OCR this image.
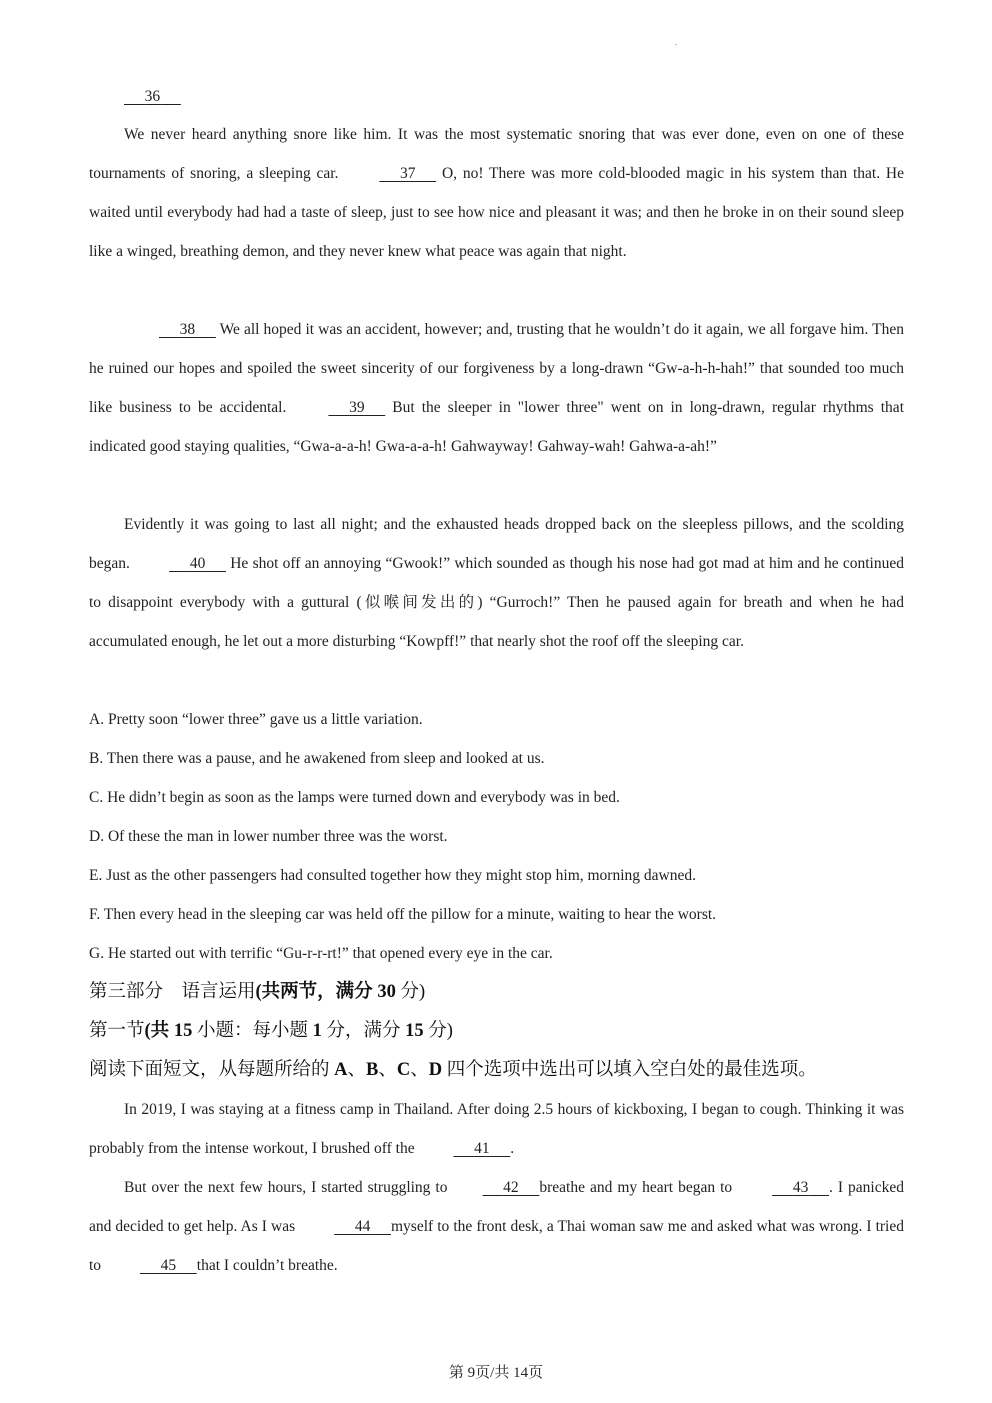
  36  

We never heard anything snore like him. It was the most systematic snoring that was ever done, even on one of these tournaments of snoring, a sleeping car.   	37   O, no! There was more cold-blooded magic in his system than that. He waited until everybody had had a taste of sleep, just to see how nice and pleasant it was; and then he broke in on their sound sleep like a winged, breathing demon, and they never knew what peace was again that night.

  38   We all hoped it was an accident, however; and, trusting that he wouldn’t do it again, we all forgave him. Then he ruined our hopes and spoiled the sweet sincerity of our forgiveness by a long-drawn “Gw-a-h-h-hah!” that sounded too much like business to be accidental.   	39   But the sleeper in "lower three" went on in long-drawn, regular rhythms that indicated good staying qualities, “Gwa-a-a-h! Gwa-a-a-h! Gahwayway! Gahway-wah! Gahwa-a-ah!”

Evidently it was going to last all night; and the exhausted heads dropped back on the sleepless pillows, and the scolding began.   	40   He shot off an annoying “Gwook!” which sounded as though his nose had got mad at him and he continued to disappoint everybody with a guttural (似喉间发出的) “Gurroch!” Then he paused again for breath and when he had accumulated enough, he let out a more disturbing “Kowpff!” that nearly shot the roof off the sleeping car.

A. Pretty soon “lower three” gave us a little variation.

B. Then there was a pause, and he awakened from sleep and looked at us.

C. He didn’t begin as soon as the lamps were turned down and everybody was in bed.

D. Of these the man in lower number three was the worst.

E. Just as the other passengers had consulted together how they might stop him, morning dawned.

F. Then every head in the sleeping car was held off the pillow for a minute, waiting to hear the worst.

G. He started out with terrific “Gu-r-r-rt!” that opened every eye in the car.

第三部分　语言运用(共两节，满分 30 分)

第一节(共 15 小题：每小题 1 分，满分 15 分)

阅读下面短文，从每题所给的 A、B、C、D 四个选项中选出可以填入空白处的最佳选项。

In 2019, I was staying at a fitness camp in Thailand. After doing 2.5 hours of kickboxing, I began to cough. Thinking it was probably from the intense workout, I brushed off the   	41   .

But over the next few hours, I started struggling to  	42   breathe and my heart began to   	43   . I panicked and decided to get help. As I was   	44   myself to the front desk, a Thai woman saw me and asked what was wrong. I tried to   	45   that I couldn’t breathe.

第 9页/共 14页
